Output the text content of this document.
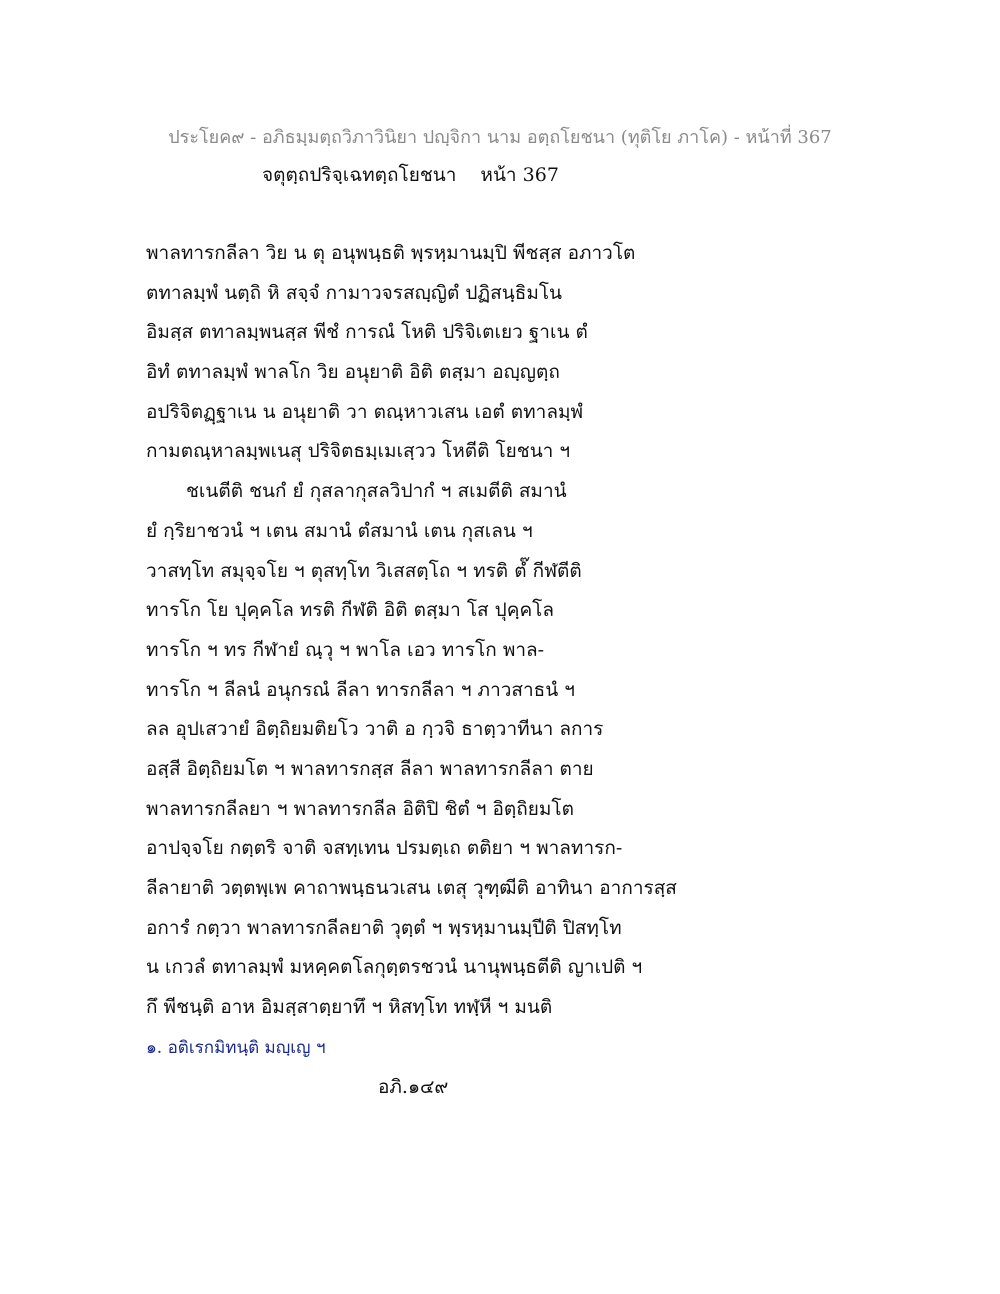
ประโยค๙ - อภิธมฺมตฺถวิภาวินิยา ปญฺจิกา นาม อตฺถโยชนา (ทุติโย ภาโค) - หน้าที่ 367
จตุตฺถปริจฺเฉทตฺถโยชนา หน้า 367
พาลทารกลีลา วิย น ตุ อนุพนฺธติ พฺรหฺมานมฺปิ พีชสฺส อภาวโต
ตทาลมฺพํ นตฺถิ หิ สจฺจํ กามาวจรสญฺญิตํ ปฏิสนฺธิมโน
อิมสฺส ตทาลมฺพนสฺส พีชํ การณํ โหติ ปริจิเตเยว ฐาเน ตํ
อิทํ ตทาลมฺพํ พาลโก วิย อนุยาติ อิติ ตสฺมา อญฺญตฺถ
อปริจิตฏฺฐาเน น อนุยาติ วา ตณฺหาวเสน เอตํ ตทาลมฺพํ
กามตณฺหาลมฺพเนสุ ปริจิตธมฺเมเสฺวว โหตีติ โยชนา ฯ
ชเนตีติ ชนกํ ยํ กุสลากุสลวิปากํ ฯ สเมตีติ สมานํ
ยํ กฺริยาชวนํ ฯ เตน สมานํ ตํสมานํ เตน กุสเลน ฯ
วาสทฺโท สมุจฺจโย ฯ ตุสทฺโท วิเสสตฺโถ ฯ ทรติ ตํ๊ กีฬตีติ
ทารโก โย ปุคฺคโล ทรติ กีฬติ อิติ ตสฺมา โส ปุคฺคโล
ทารโก ฯ ทร กีฬายํ ณฺวุ ฯ พาโล เอว ทารโก พาล-
ทารโก ฯ ลีลนํ อนุกรณํ ลีลา ทารกลีลา ฯ ภาวสาธนํ ฯ
ลล อุปเสวายํ อิตฺถิยมติยโว วาติ อ กฺวจิ ธาตฺวาทีนา ลการ
อสฺสี อิตฺถิยมโต ฯ พาลทารกสฺส ลีลา พาลทารกลีลา ตาย
พาลทารกลีลยา ฯ พาลทารกลีล อิติปิ ชิตํ ฯ อิตฺถิยมโต
อาปจฺจโย กตฺตริ จาติ จสทฺเทน ปรมตฺเถ ตติยา ฯ พาลทารก-
ลีลายาติ วตฺตพฺเพ คาถาพนฺธนวเสน เตสุ วุฑฺฒีติ อาทินา อาการสฺส
อการํ กตฺวา พาลทารกลีลยาติ วุตฺตํ ฯ พฺรหฺมานมฺปีติ ปิสทฺโท
น เกวลํ ตทาลมฺพํ มหคฺคตโลกุตฺตรชวนํ นานุพนฺธตีติ ญาเปติ ฯ
กึ พีชนฺติ อาห อิมสฺสาตฺยาทึ ฯ หิสทฺโท ทฬฺหี ฯ มนติ
๑. อติเรกมิทนฺติ มญฺเญ ฯ
อภิ.๑๔๙
